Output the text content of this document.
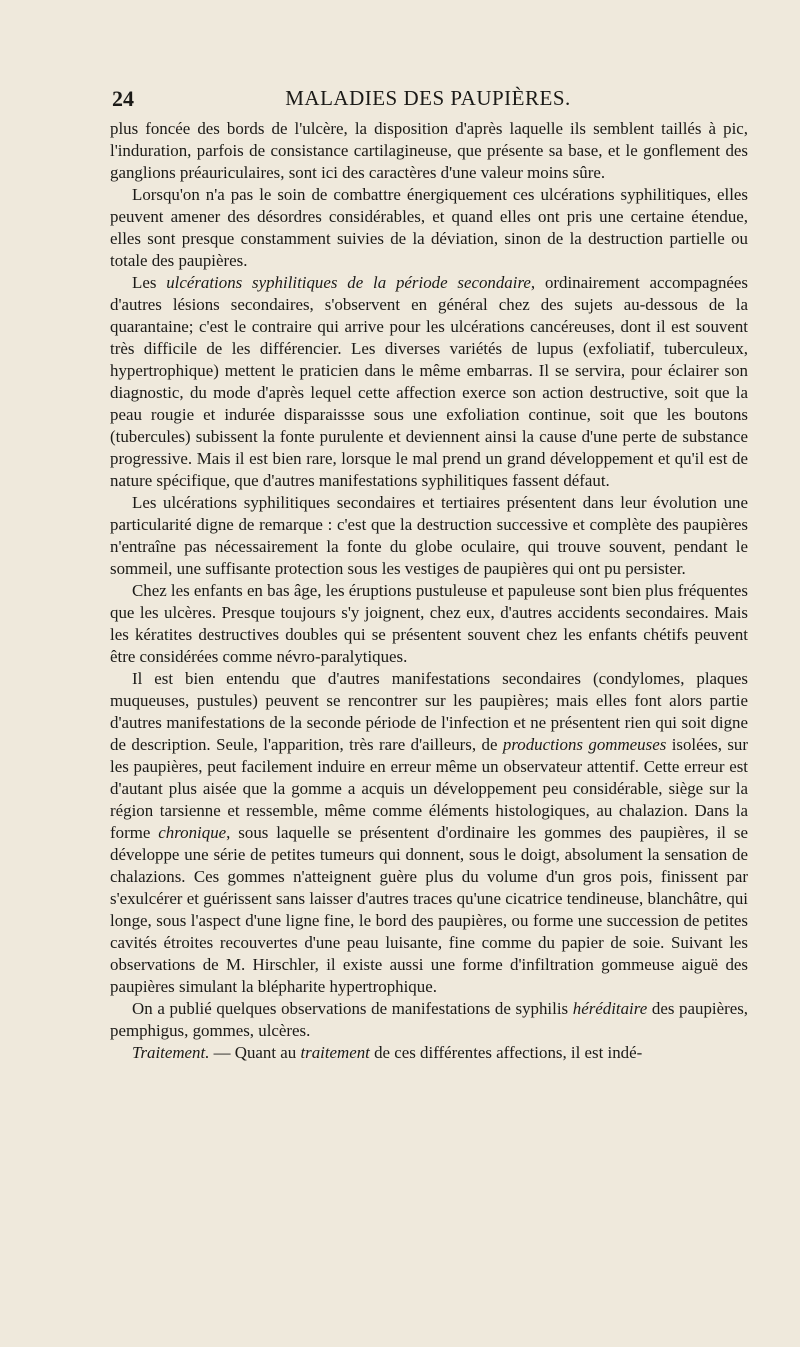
24	MALADIES DES PAUPIÈRES.

plus foncée des bords de l'ulcère, la disposition d'après laquelle ils semblent taillés à pic, l'induration, parfois de consistance cartilagineuse, que présente sa base, et le gonflement des ganglions préauriculaires, sont ici des caractères d'une valeur moins sûre.

Lorsqu'on n'a pas le soin de combattre énergiquement ces ulcérations syphilitiques, elles peuvent amener des désordres considérables, et quand elles ont pris une certaine étendue, elles sont presque constamment suivies de la déviation, sinon de la destruction partielle ou totale des paupières.

Les ulcérations syphilitiques de la période secondaire, ordinairement accompagnées d'autres lésions secondaires, s'observent en général chez des sujets au-dessous de la quarantaine; c'est le contraire qui arrive pour les ulcérations cancéreuses, dont il est souvent très difficile de les différencier. Les diverses variétés de lupus (exfoliatif, tuberculeux, hypertrophique) mettent le praticien dans le même embarras. Il se servira, pour éclairer son diagnostic, du mode d'après lequel cette affection exerce son action destructive, soit que la peau rougie et indurée disparaissse sous une exfoliation continue, soit que les boutons (tubercules) subissent la fonte purulente et deviennent ainsi la cause d'une perte de substance progressive. Mais il est bien rare, lorsque le mal prend un grand développement et qu'il est de nature spécifique, que d'autres manifestations syphilitiques fassent défaut.

Les ulcérations syphilitiques secondaires et tertiaires présentent dans leur évolution une particularité digne de remarque : c'est que la destruction successive et complète des paupières n'entraîne pas nécessairement la fonte du globe oculaire, qui trouve souvent, pendant le sommeil, une suffisante protection sous les vestiges de paupières qui ont pu persister.

Chez les enfants en bas âge, les éruptions pustuleuse et papuleuse sont bien plus fréquentes que les ulcères. Presque toujours s'y joignent, chez eux, d'autres accidents secondaires. Mais les kératites destructives doubles qui se présentent souvent chez les enfants chétifs peuvent être considérées comme névro-paralytiques.

Il est bien entendu que d'autres manifestations secondaires (condylomes, plaques muqueuses, pustules) peuvent se rencontrer sur les paupières; mais elles font alors partie d'autres manifestations de la seconde période de l'infection et ne présentent rien qui soit digne de description. Seule, l'apparition, très rare d'ailleurs, de productions gommeuses isolées, sur les paupières, peut facilement induire en erreur même un observateur attentif. Cette erreur est d'autant plus aisée que la gomme a acquis un développement peu considérable, siège sur la région tarsienne et ressemble, même comme éléments histologiques, au chalazion. Dans la forme chronique, sous laquelle se présentent d'ordinaire les gommes des paupières, il se développe une série de petites tumeurs qui donnent, sous le doigt, absolument la sensation de chalazions. Ces gommes n'atteignent guère plus du volume d'un gros pois, finissent par s'exulcérer et guérissent sans laisser d'autres traces qu'une cicatrice tendineuse, blanchâtre, qui longe, sous l'aspect d'une ligne fine, le bord des paupières, ou forme une succession de petites cavités étroites recouvertes d'une peau luisante, fine comme du papier de soie. Suivant les observations de M. Hirschler, il existe aussi une forme d'infiltration gommeuse aiguë des paupières simulant la blépharite hypertrophique.

On a publié quelques observations de manifestations de syphilis héréditaire des paupières, pemphigus, gommes, ulcères.

Traitement. — Quant au traitement de ces différentes affections, il est indé-
